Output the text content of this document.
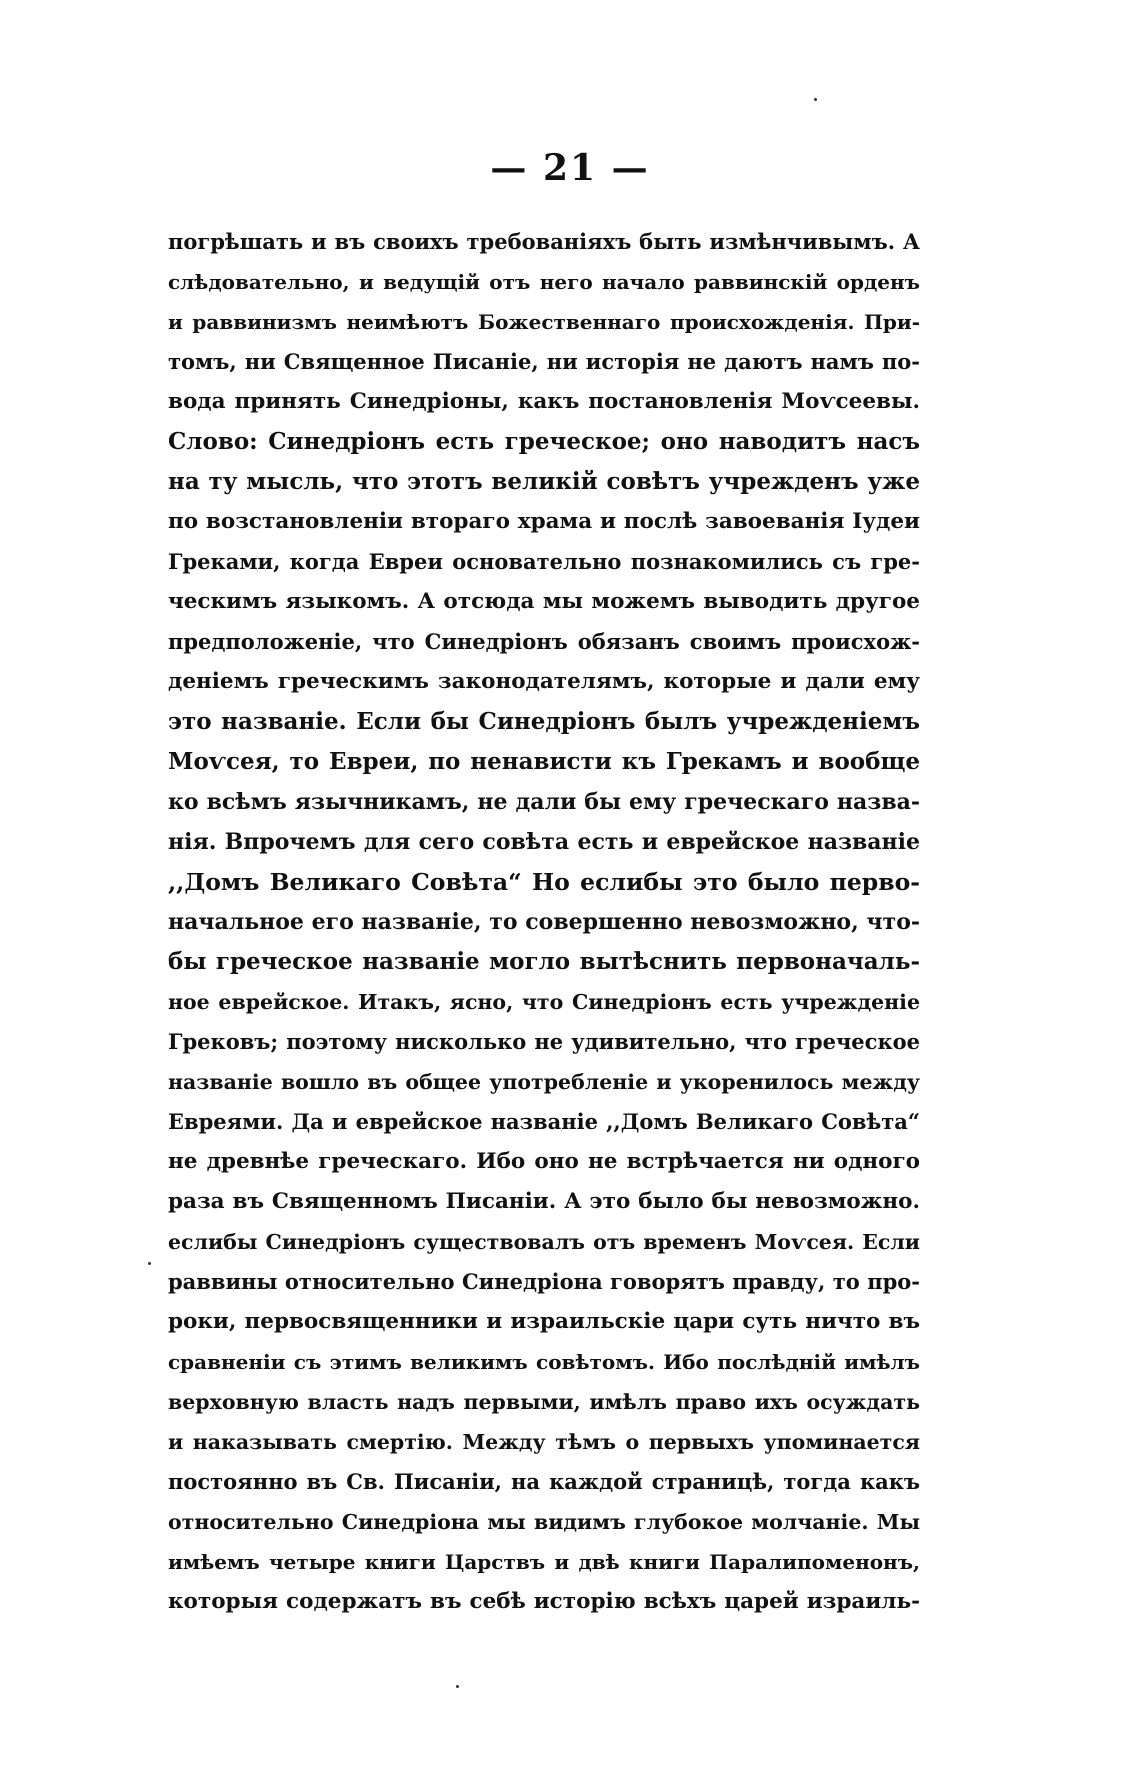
— 21 —
погрѣшать и въ своихъ требованіяхъ быть измѣнчивымъ. А
слѣдовательно, и ведущій отъ него начало раввинскій орденъ
и раввинизмъ неимѣютъ Божественнаго происхожденія. При-
томъ, ни Священное Писаніе, ни исторія не даютъ намъ по-
вода принять Синедріоны, какъ постановленія Моѵсеевы.
Слово: Синедріонъ есть греческое; оно наводитъ насъ
на ту мысль, что этотъ великій совѣтъ учрежденъ уже
по возстановленіи втораго храма и послѣ завоеванія Іудеи
Греками, когда Евреи основательно познакомились съ гре-
ческимъ языкомъ. А отсюда мы можемъ выводить другое
предположеніе, что Синедріонъ обязанъ своимъ происхож-
деніемъ греческимъ законодателямъ, которые и дали ему
это названіе. Если бы Синедріонъ былъ учрежденіемъ
Моѵсея, то Евреи, по ненависти къ Грекамъ и вообще
ко всѣмъ язычникамъ, не дали бы ему греческаго назва-
нія. Впрочемъ для сего совѣта есть и еврейское названіе
,,Домъ Великаго Совѣта“ Но еслибы это было перво-
начальное его названіе, то совершенно невозможно, что-
бы греческое названіе могло вытѣснить первоначаль-
ное еврейское. Итакъ, ясно, что Синедріонъ есть учрежденіе
Грековъ; поэтому нисколько не удивительно, что греческое
названіе вошло въ общее употребленіе и укоренилось между
Евреями. Да и еврейское названіе ,,Домъ Великаго Совѣта“
не древнѣе греческаго. Ибо оно не встрѣчается ни одного
раза въ Священномъ Писаніи. А это было бы невозможно.
еслибы Синедріонъ существовалъ отъ временъ Моѵсея. Если
раввины относительно Синедріона говорятъ правду, то про-
роки, первосвященники и израильскіе цари суть ничто въ
сравненіи съ этимъ великимъ совѣтомъ. Ибо послѣдній имѣлъ
верховную власть надъ первыми, имѣлъ право ихъ осуждать
и наказывать смертію. Между тѣмъ о первыхъ упоминается
постоянно въ Св. Писаніи, на каждой страницѣ, тогда какъ
относительно Синедріона мы видимъ глубокое молчаніе. Мы
имѣемъ четыре книги Царствъ и двѣ книги Паралипоменонъ,
которыя содержатъ въ себѣ исторію всѣхъ царей израиль-
